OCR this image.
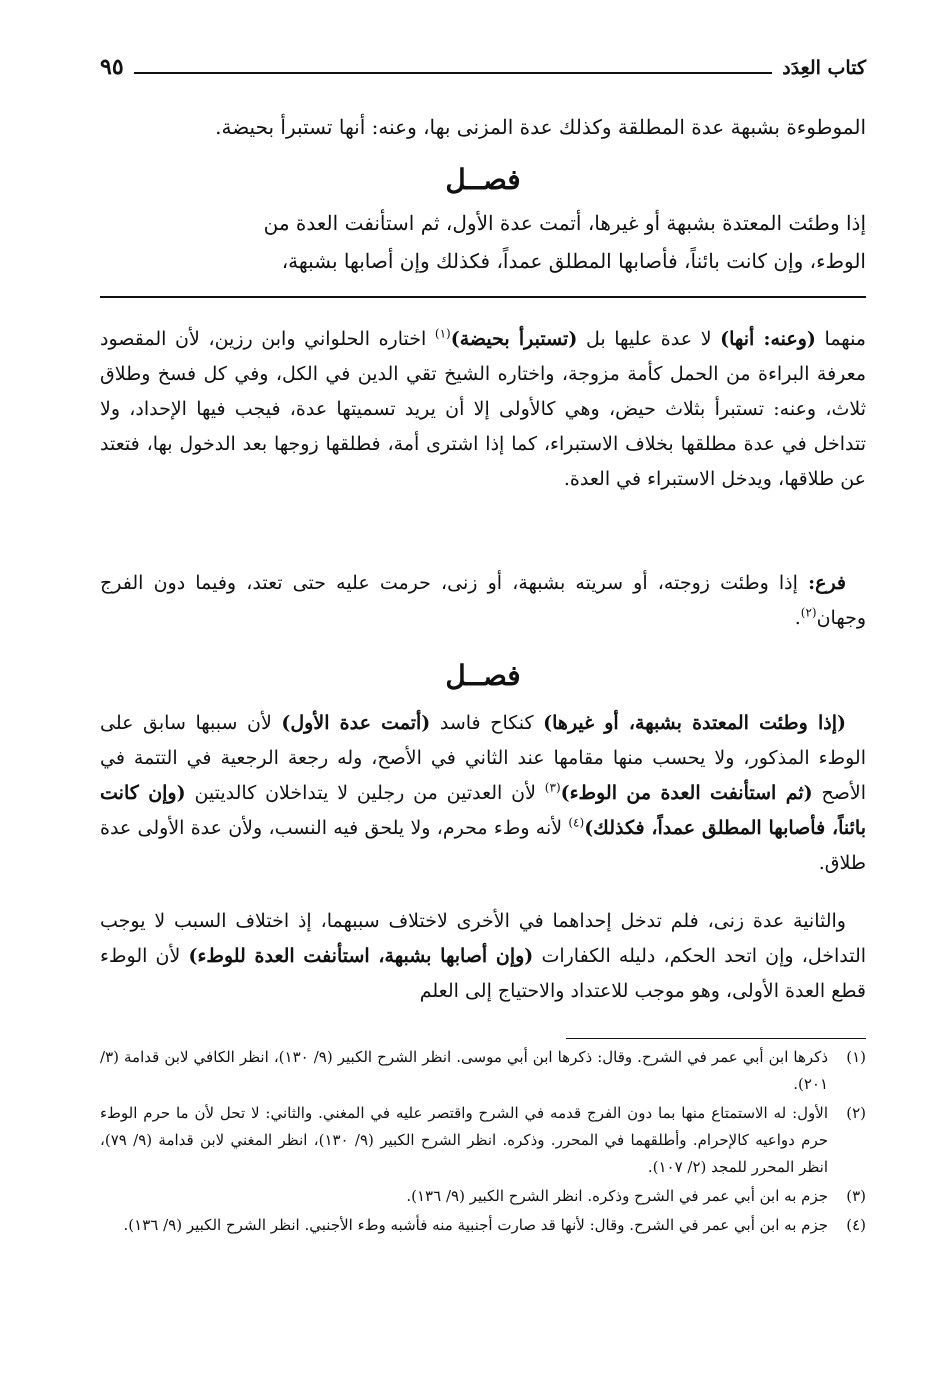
كتاب العِدَد
٩٥
الموطوءة بشبهة عدة المطلقة وكذلك عدة المزنى بها، وعنه: أنها تستبرأ بحيضة.
فصــل
إذا وطئت المعتدة بشبهة أو غيرها، أتمت عدة الأول، ثم استأنفت العدة من
الوطء، وإن كانت بائناً، فأصابها المطلق عمداً، فكذلك وإن أصابها بشبهة،
منهما (وعنه: أنها) لا عدة عليها بل (تستبرأ بحيضة)$^{(١)}$ اختاره الحلواني وابن رزين، لأن المقصود معرفة البراءة من الحمل كأمة مزوجة، واختاره الشيخ تقي الدين في الكل، وفي كل فسخ وطلاق ثلاث، وعنه: تستبرأ بثلاث حيض، وهي كالأولى إلا أن يريد تسميتها عدة، فيجب فيها الإحداد، ولا تتداخل في عدة مطلقها بخلاف الاستبراء، كما إذا اشترى أمة، فطلقها زوجها بعد الدخول بها، فتعتد عن طلاقها، ويدخل الاستبراء في العدة.

فرع: إذا وطئت زوجته، أو سريته بشبهة، أو زنى، حرمت عليه حتى تعتد، وفيما دون الفرج وجهان$^{(٢)}$.

فصــل

(إذا وطئت المعتدة بشبهة، أو غيرها) كنكاح فاسد (أتمت عدة الأول) لأن سببها سابق على الوطء المذكور، ولا يحسب منها مقامها عند الثاني في الأصح، وله رجعة الرجعية في التتمة في الأصح (ثم استأنفت العدة من الوطء)$^{(٣)}$ لأن العدتين من رجلين لا يتداخلان كالديتين (وإن كانت بائناً، فأصابها المطلق عمداً، فكذلك)$^{(٤)}$ لأنه وطء محرم، ولا يلحق فيه النسب، ولأن عدة الأولى عدة طلاق.

والثانية عدة زنى، فلم تدخل إحداهما في الأخرى لاختلاف سببهما، إذ اختلاف السبب لا يوجب التداخل، وإن اتحد الحكم، دليله الكفارات (وإن أصابها بشبهة، استأنفت العدة للوطء) لأن الوطء قطع العدة الأولى، وهو موجب للاعتداد والاحتياج إلى العلم

(١)
ذكرها ابن أبي عمر في الشرح. وقال: ذكرها ابن أبي موسى. انظر الشرح الكبير (٩/ ١٣٠)، انظر الكافي لابن قدامة (٣/ ٢٠١).
(٢)
الأول: له الاستمتاع منها بما دون الفرج قدمه في الشرح واقتصر عليه في المغني. والثاني: لا تحل لأن ما حرم الوطء حرم دواعيه كالإحرام. وأطلقهما في المحرر. وذكره. انظر الشرح الكبير (٩/ ١٣٠)، انظر المغني لابن قدامة (٩/ ٧٩)، انظر المحرر للمجد (٢/ ١٠٧).
(٣)
جزم به ابن أبي عمر في الشرح وذكره. انظر الشرح الكبير (٩/ ١٣٦).
(٤)
جزم به ابن أبي عمر في الشرح. وقال: لأنها قد صارت أجنبية منه فأشبه وطء الأجنبي. انظر الشرح الكبير (٩/ ١٣٦).
